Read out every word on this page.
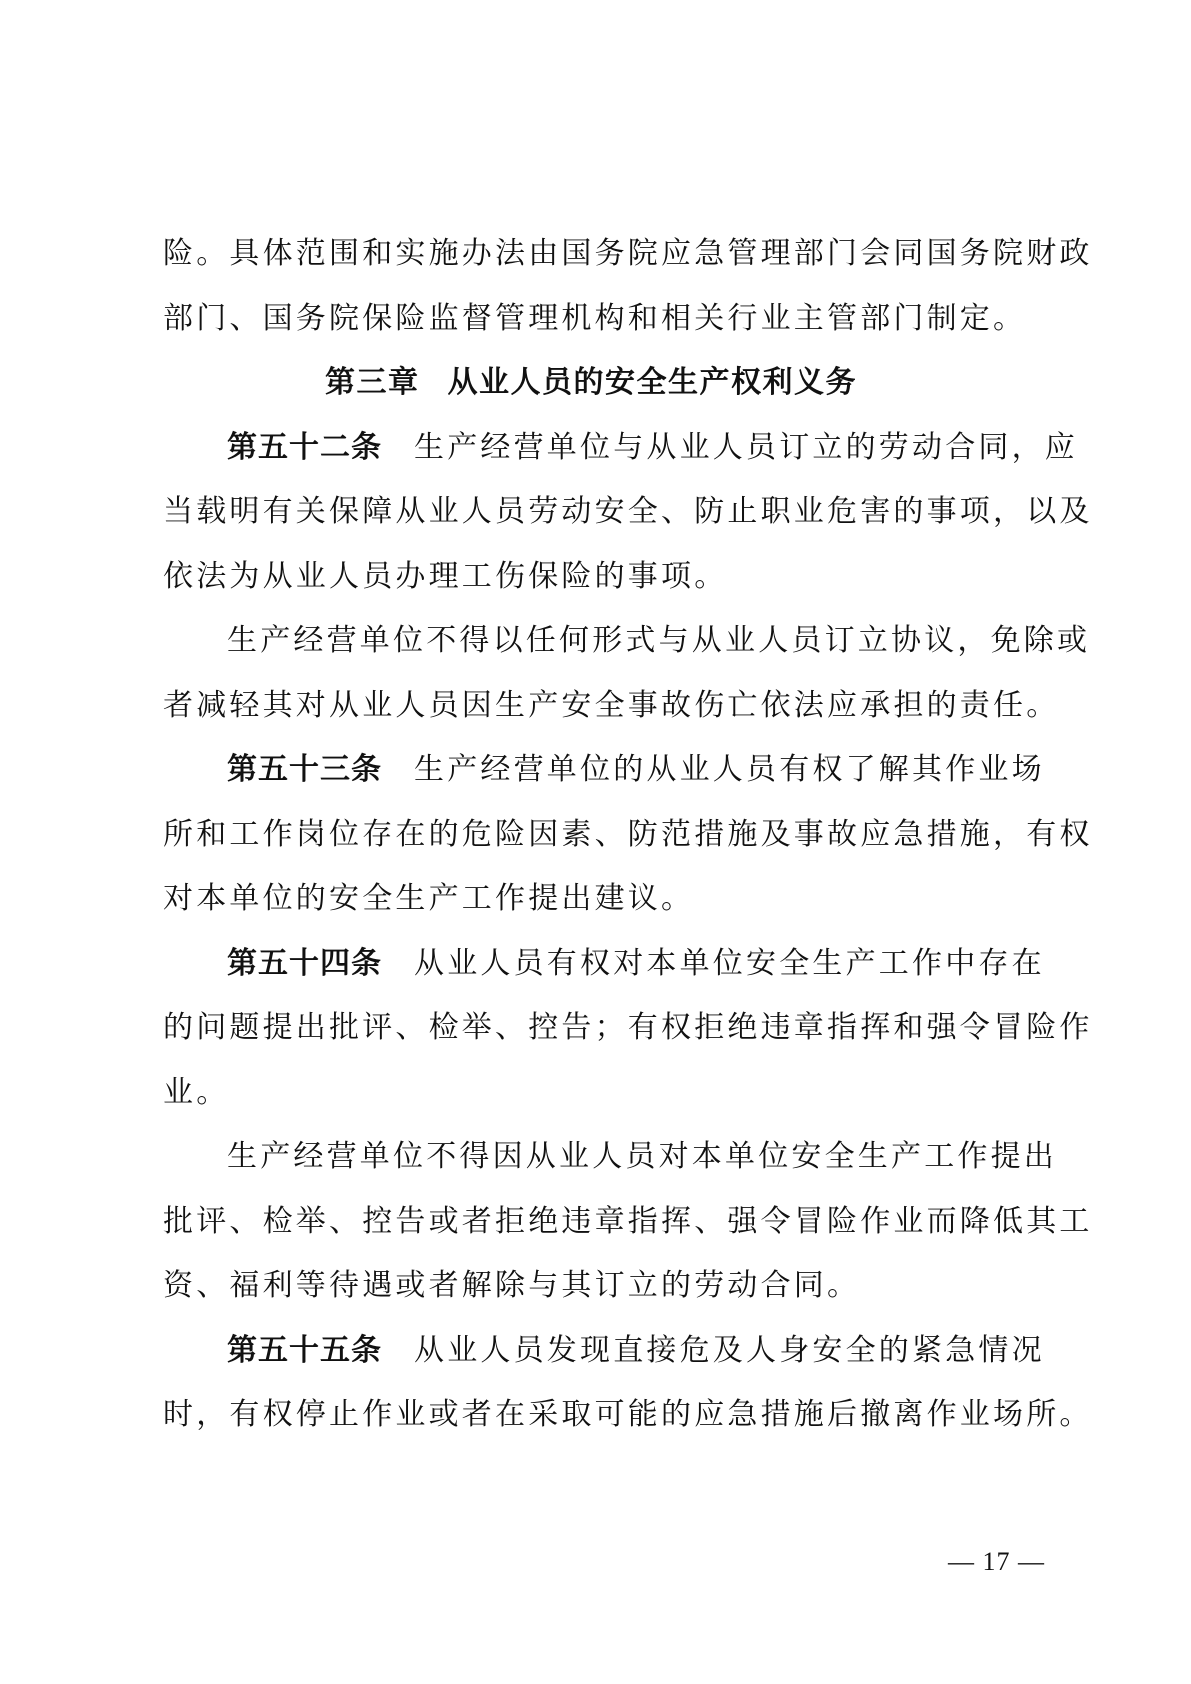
险。具体范围和实施办法由国务院应急管理部门会同国务院财政
部门、国务院保险监督管理机构和相关行业主管部门制定。
第三章 从业人员的安全生产权利义务
第五十二条 生产经营单位与从业人员订立的劳动合同，应
当载明有关保障从业人员劳动安全、防止职业危害的事项，以及
依法为从业人员办理工伤保险的事项。
生产经营单位不得以任何形式与从业人员订立协议，免除或
者减轻其对从业人员因生产安全事故伤亡依法应承担的责任。
第五十三条 生产经营单位的从业人员有权了解其作业场
所和工作岗位存在的危险因素、防范措施及事故应急措施，有权
对本单位的安全生产工作提出建议。
第五十四条 从业人员有权对本单位安全生产工作中存在
的问题提出批评、检举、控告；有权拒绝违章指挥和强令冒险作
业。
生产经营单位不得因从业人员对本单位安全生产工作提出
批评、检举、控告或者拒绝违章指挥、强令冒险作业而降低其工
资、福利等待遇或者解除与其订立的劳动合同。
第五十五条 从业人员发现直接危及人身安全的紧急情况
时，有权停止作业或者在采取可能的应急措施后撤离作业场所。
— 17 —
